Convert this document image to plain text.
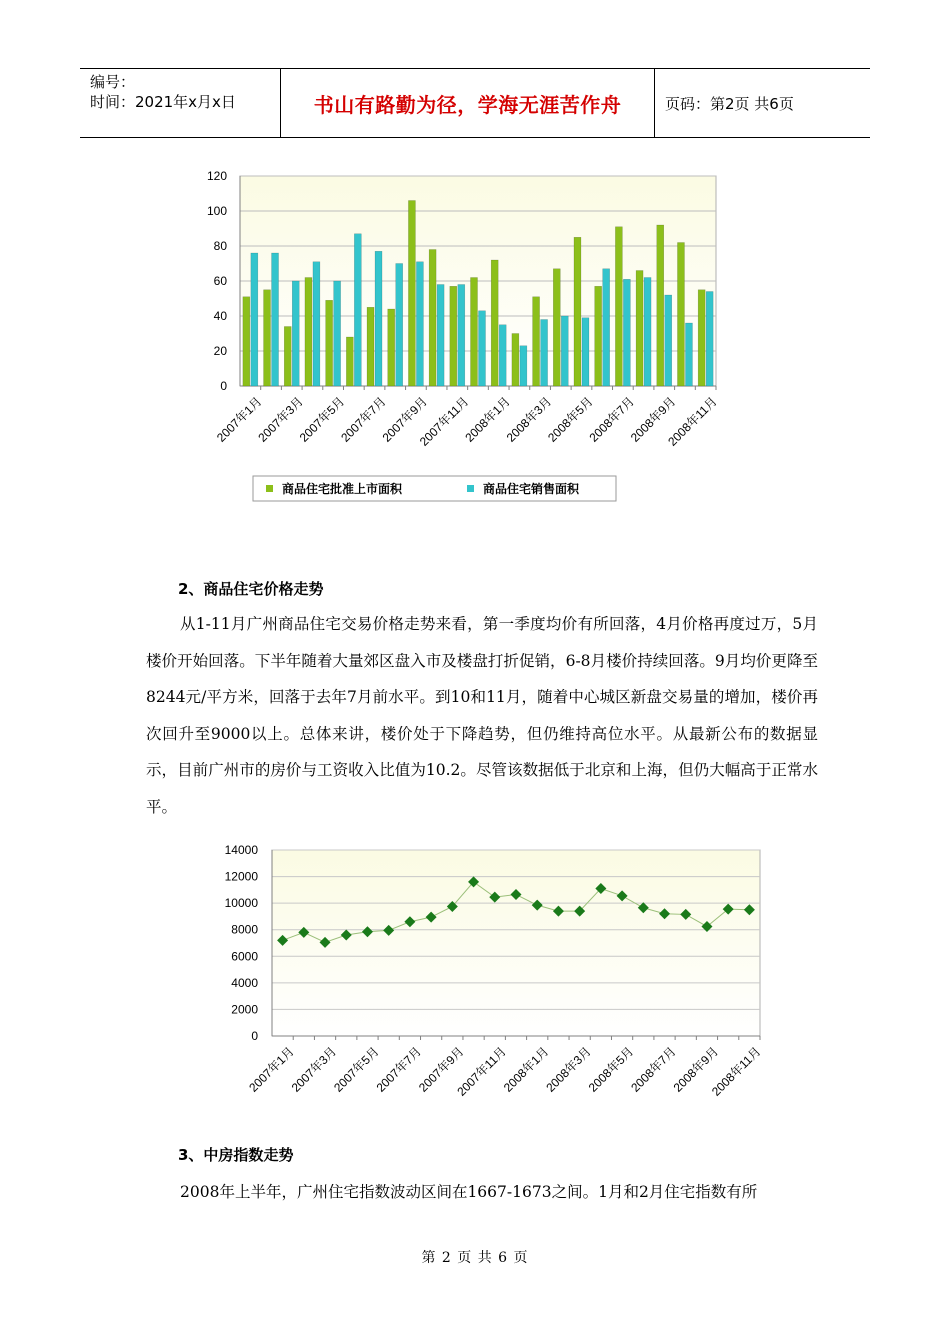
编号：
时间：2021年x月x日	书山有路勤为径，学海无涯苦作舟	页码：第2页 共6页
0
20
40
60
80
100
120
2007年1月
2007年3月
2007年5月
2007年7月
2007年9月
2007年11月
2008年1月
2008年3月
2008年5月
2008年7月
2008年9月
2008年11月
商品住宅批准上市面积	商品住宅销售面积
2、商品住宅价格走势
从1-11月广州商品住宅交易价格走势来看，第一季度均价有所回落，4月价格再度过万，5月楼价开始回落。下半年随着大量郊区盘入市及楼盘打折促销，6-8月楼价持续回落。9月均价更降至8244元/平方米，回落于去年7月前水平。到10和11月，随着中心城区新盘交易量的增加，楼价再次回升至9000以上。总体来讲，楼价处于下降趋势，但仍维持高位水平。从最新公布的数据显示，目前广州市的房价与工资收入比值为10.2。尽管该数据低于北京和上海，但仍大幅高于正常水平。
0
2000
4000
6000
8000
10000
12000
14000
2007年1月
2007年3月
2007年5月
2007年7月
2007年9月
2007年11月
2008年1月
2008年3月
2008年5月
2008年7月
2008年9月
2008年11月
3、中房指数走势
2008年上半年，广州住宅指数波动区间在1667-1673之间。1月和2月住宅指数有所
第 2 页 共 6 页
